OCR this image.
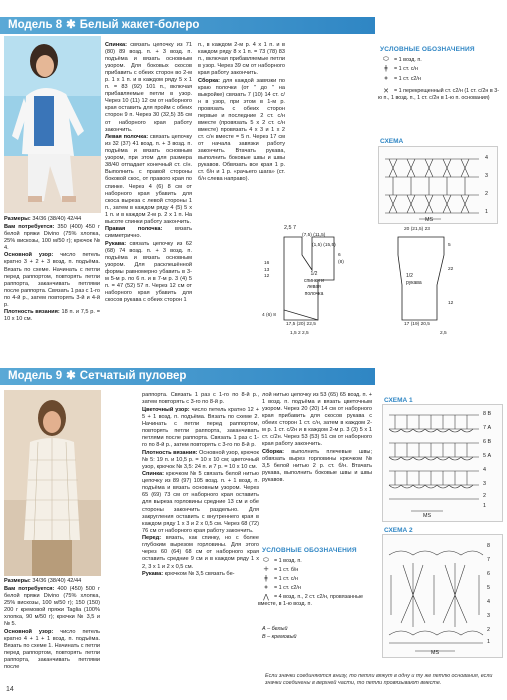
Модель 8 ✱ Белый жакет-болеро

Размеры: 34/36 (38/40) 42/44

Вам потребуется: 350 (400) 450 г белой пряжи Divino (75% хлопка, 25% вискозы, 100 м/50 г); крючок № 4.

Основной узор: число петель кратно 3 + 2 + 3 возд. п. подъёма. Вязать по схеме. Начинать с петли перед раппортом, повторять петли раппорта, заканчивать петлями после раппорта. Связать 1 раз с 1-го по 4-й р., затем повторять 3-й и 4-й р.

Плотность вязания: 18 п. и 7,5 р. = 10 х 10 см.

Спинка: связать цепочку из 71 (80) 89 возд. п. + 3 возд. п. подъёма и вязать основным узором. Для боковых скосов прибавить с обеих сторон во 2-м р. 1 х 1 п. и в каждом ряду 5 х 1 п. = 83 (92) 101 п., включая прибавляемые петли в узор. Через 10 (11) 12 см от наборного края оставить для пройм с обеих сторон 9 п. Через 30 (32,5) 35 см от наборного края работу закончить.

Левая полочка: связать цепочку из 32 (37) 41 возд. п. + 3 возд. п. подъёма и вязать основным узором, при этом для размера 38/40 отпадает конечный ст. с/н. Выполнить с правой стороны боковой скос, от правого края по спинке. Через 4 (6) 8 см от наборного края убавить для скоса выреза с левой стороны 1 п., затем в каждом ряду 4 (5) 5 х 1 п. и в каждом 2-м р. 2 х 1 п. На высоте спинки работу закончить.

Правая полочка: вязать симметрично.

Рукава: связать цепочку из 62 (68) 74 возд. п. + 3 возд. п. подъёма и вязать основным узором. Для расклешённой формы равномерно убавить в 3-м 5-м р. по 6 п. и в 7-м р. 3 (4) 5 п. = 47 (52) 57 п. Через 12 см от наборного края убавить для скосов рукава с обеих сторон 1

п., в каждом 2-м р. 4 х 1 п. и в каждом ряду 8 х 1 п. = 73 (78) 83 п., включая прибавляемые петли в узор. Через 39 см от наборного края работу закончить.

Сборка: для каждой завязки по краю полочки (от " до " на выкройке) связать 7 (10) 14 ст. с/н в узор, при этом в 1-м р. провязать с обеих сторон первые и последние 2 ст. с/н вместе (провязать 5 х 2 ст. с/н вместе) провязать 4 х 3 и 1 х 2 ст. с/н вместе = 5 п. Через 17 см от начала завязки работу закончить. Втачать рукава, выполнить боковые швы и швы рукавов. Обвязать все края 1 р. ст. б/н и 1 р. «рачьего шага» (ст. б/н слева направо).

УСЛОВНЫЕ ОБОЗНАЧЕНИЯ
⬭ = 1 возд. п.
ǂ = 1 ст. с/н
⧧ = 1 ст. с2/н
✕ = 1 перекрещенный ст. с2/н (1 ст. с/2н в 3-ю п., 1 возд. п., 1 ст. с/2н в 1-ю п. основания)
СХЕМА
4
3
2
1
МS
1/2 спинки и левая полочка
2,5 7
(7,5) (11,5)
(1,5) (15,5)
16
13
12
6
(8)

4 (6) 8
17,5 (20) 22,5
1,5 2 2,5
1/2 рукава
20 (21,5) 23
5
22
12
17 (19) 20,5
2,5
Модель 9 ✱ Сетчатый пуловер

Размеры: 34/36 (38/40) 42/44

Вам потребуется: 400 (450) 500 г белой пряжи Divino (75% хлопка, 25% вискозы, 100 м/50 г); 150 (150) 200 г кремовой пряжи Taglia (100% хлопка, 90 м/50 г); крючки № 3,5 и № 5.

Основной узор: число петель кратно 4 + 1 + 1 возд. п. подъёма. Вязать по схеме 1. Начинать с петли перед раппортом, повторять петли раппорта, заканчивать петлями после

раппорта. Связать 1 раз с 1-го по 8-й р., затем повторять с 3-го по 8-й р.

Цветочный узор: число петель кратно 12 + 5 + 1 возд. п. подъёма. Вязать по схеме 2. Начинать с петли перед раппортом, повторять петли раппорта, заканчивать петлями после раппорта. Связать 1 раз с 1-го по 8-й р., затем повторять с 3-го по 8-й р.

Плотность вязания: Основной узор, крючок № 5: 19 п. и 10,5 р. = 10 х 10 см; цветочный узор, крючок № 3,5: 24 п. и 7 р. = 10 х 10 см.

Спинка: крючком № 5 связать белой нитью цепочку из 89 (97) 105 возд. п. + 1 возд. п. подъёма и вязать основным узором. Через 65 (69) 73 см от наборного края оставить для выреза горловины средние 13 см и обе стороны закончить раздельно. Для закругления оставить с внутреннего края в каждом ряду 1 х 3 и 2 х 0,5 см. Через 68 (72) 76 см от наборного края работу закончить.

Перед: вязать, как спинку, но с более глубоким вырезом горловины. Для этого через 60 (64) 68 см от наборного края оставить средние 9 см и в каждом ряду 1 х 2, 3 х 1 и 2 х 0,5 см.

Рукава: крючком № 3,5 связать бе-

лой нитью цепочку из 53 (65) 65 возд. п. + 1 возд. п. подъёма и вязать цветочным узором. Через 20 (20) 14 см от наборного края прибавить для скосов рукава с обеих сторон 1 ст. с/н, затем в каждом 2-м р. 1 ст. с/2н и в каждом 2-м р. 3 (3) 5 х 1 ст. с/2н. Через 53 (53) 51 см от наборного края работу закончить.

Сборка: выполнить плечевые швы; обвязать вырез горловины крючком № 3,5 белой нитью 2 р. ст. б/н. Втачать рукава, выполнить боковые швы и швы рукавов.

УСЛОВНЫЕ ОБОЗНАЧЕНИЯ
⬭ = 1 возд. п.
+ = 1 ст. б/н
ǂ = 1 ст. с/н
⧧ = 1 ст. с2/н
⋀ = 4 возд. п., 2 ст. с2/н, провязанные вместе, в 1-ю возд. п.
А – белый
В – кремовый
СХЕМА 1
8 В
7 А
6 В
5 А
4
3
2
1
МS
СХЕМА 2
8
7
6
5
4
3
2
1
МS
Если значки соединяются внизу, то петли вяжут в одну и ту же петлю основания, если значки соединены в верхней части, то петли провязывают вместе.
14
